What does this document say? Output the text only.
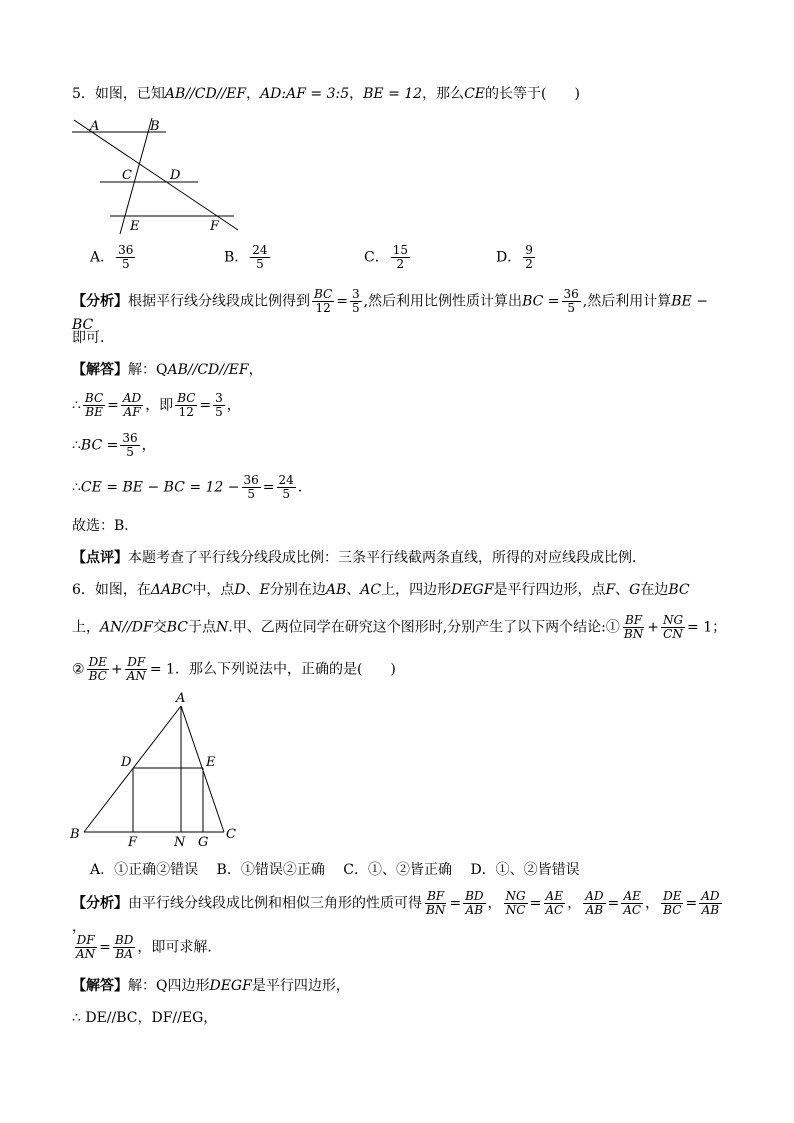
5．如图，已知AB//CD//EF，AD:AF = 3:5，BE = 12，那么CE的长等于(　　)
A	B
C	D
E	F
A． $\frac{36}{5}$	B． $\frac{24}{5}$	C． $\frac{15}{2}$	D． $\frac{9}{2}$
【分析】根据平行线分线段成比例得到 $\frac{BC}{12} = \frac{3}{5}$ ,然后利用比例性质计算出BC = $\frac{36}{5}$ ,然后利用计算BE − BC
即可．
【解答】解：QAB//CD//EF，
∴ $\frac{BC}{BE} = \frac{AD}{AF}$ ，即 $\frac{BC}{12} = \frac{3}{5}$ ，
∴BC = $\frac{36}{5}$ ，
∴CE = BE − BC = $12 - \frac{36}{5} = \frac{24}{5}$ ．
故选：B．
【点评】本题考查了平行线分线段成比例：三条平行线截两条直线，所得的对应线段成比例．
6．如图，在ΔABC中，点D、E分别在边AB、AC上，四边形DEGF是平行四边形，点F、G在边BC
上，AN//DF交BC于点N.甲、乙两位同学在研究这个图形时,分别产生了以下两个结论:① $\frac{BF}{BN} + \frac{NG}{CN} = 1$；
② $\frac{DE}{BC} + \frac{DF}{AN} = 1$．那么下列说法中，正确的是(　　)
A
D	E
B
F	N G
C
A．①正确②错误　 B．①错误②正确　 C．①、②皆正确　 D．①、②皆错误
【分析】由平行线分线段成比例和相似三角形的性质可得 $\frac{BF}{BN} = \frac{BD}{AB}$ ， $\frac{NG}{NC} = \frac{AE}{AC}$ ， $\frac{AD}{AB} = \frac{AE}{AC}$ ， $\frac{DE}{BC} = \frac{AD}{AB}$
，
$\frac{DF}{AN} = \frac{BD}{BA}$ ，即可求解．
【解答】解：Q四边形DEGF是平行四边形，
∴ DE//BC，DF//EG，
